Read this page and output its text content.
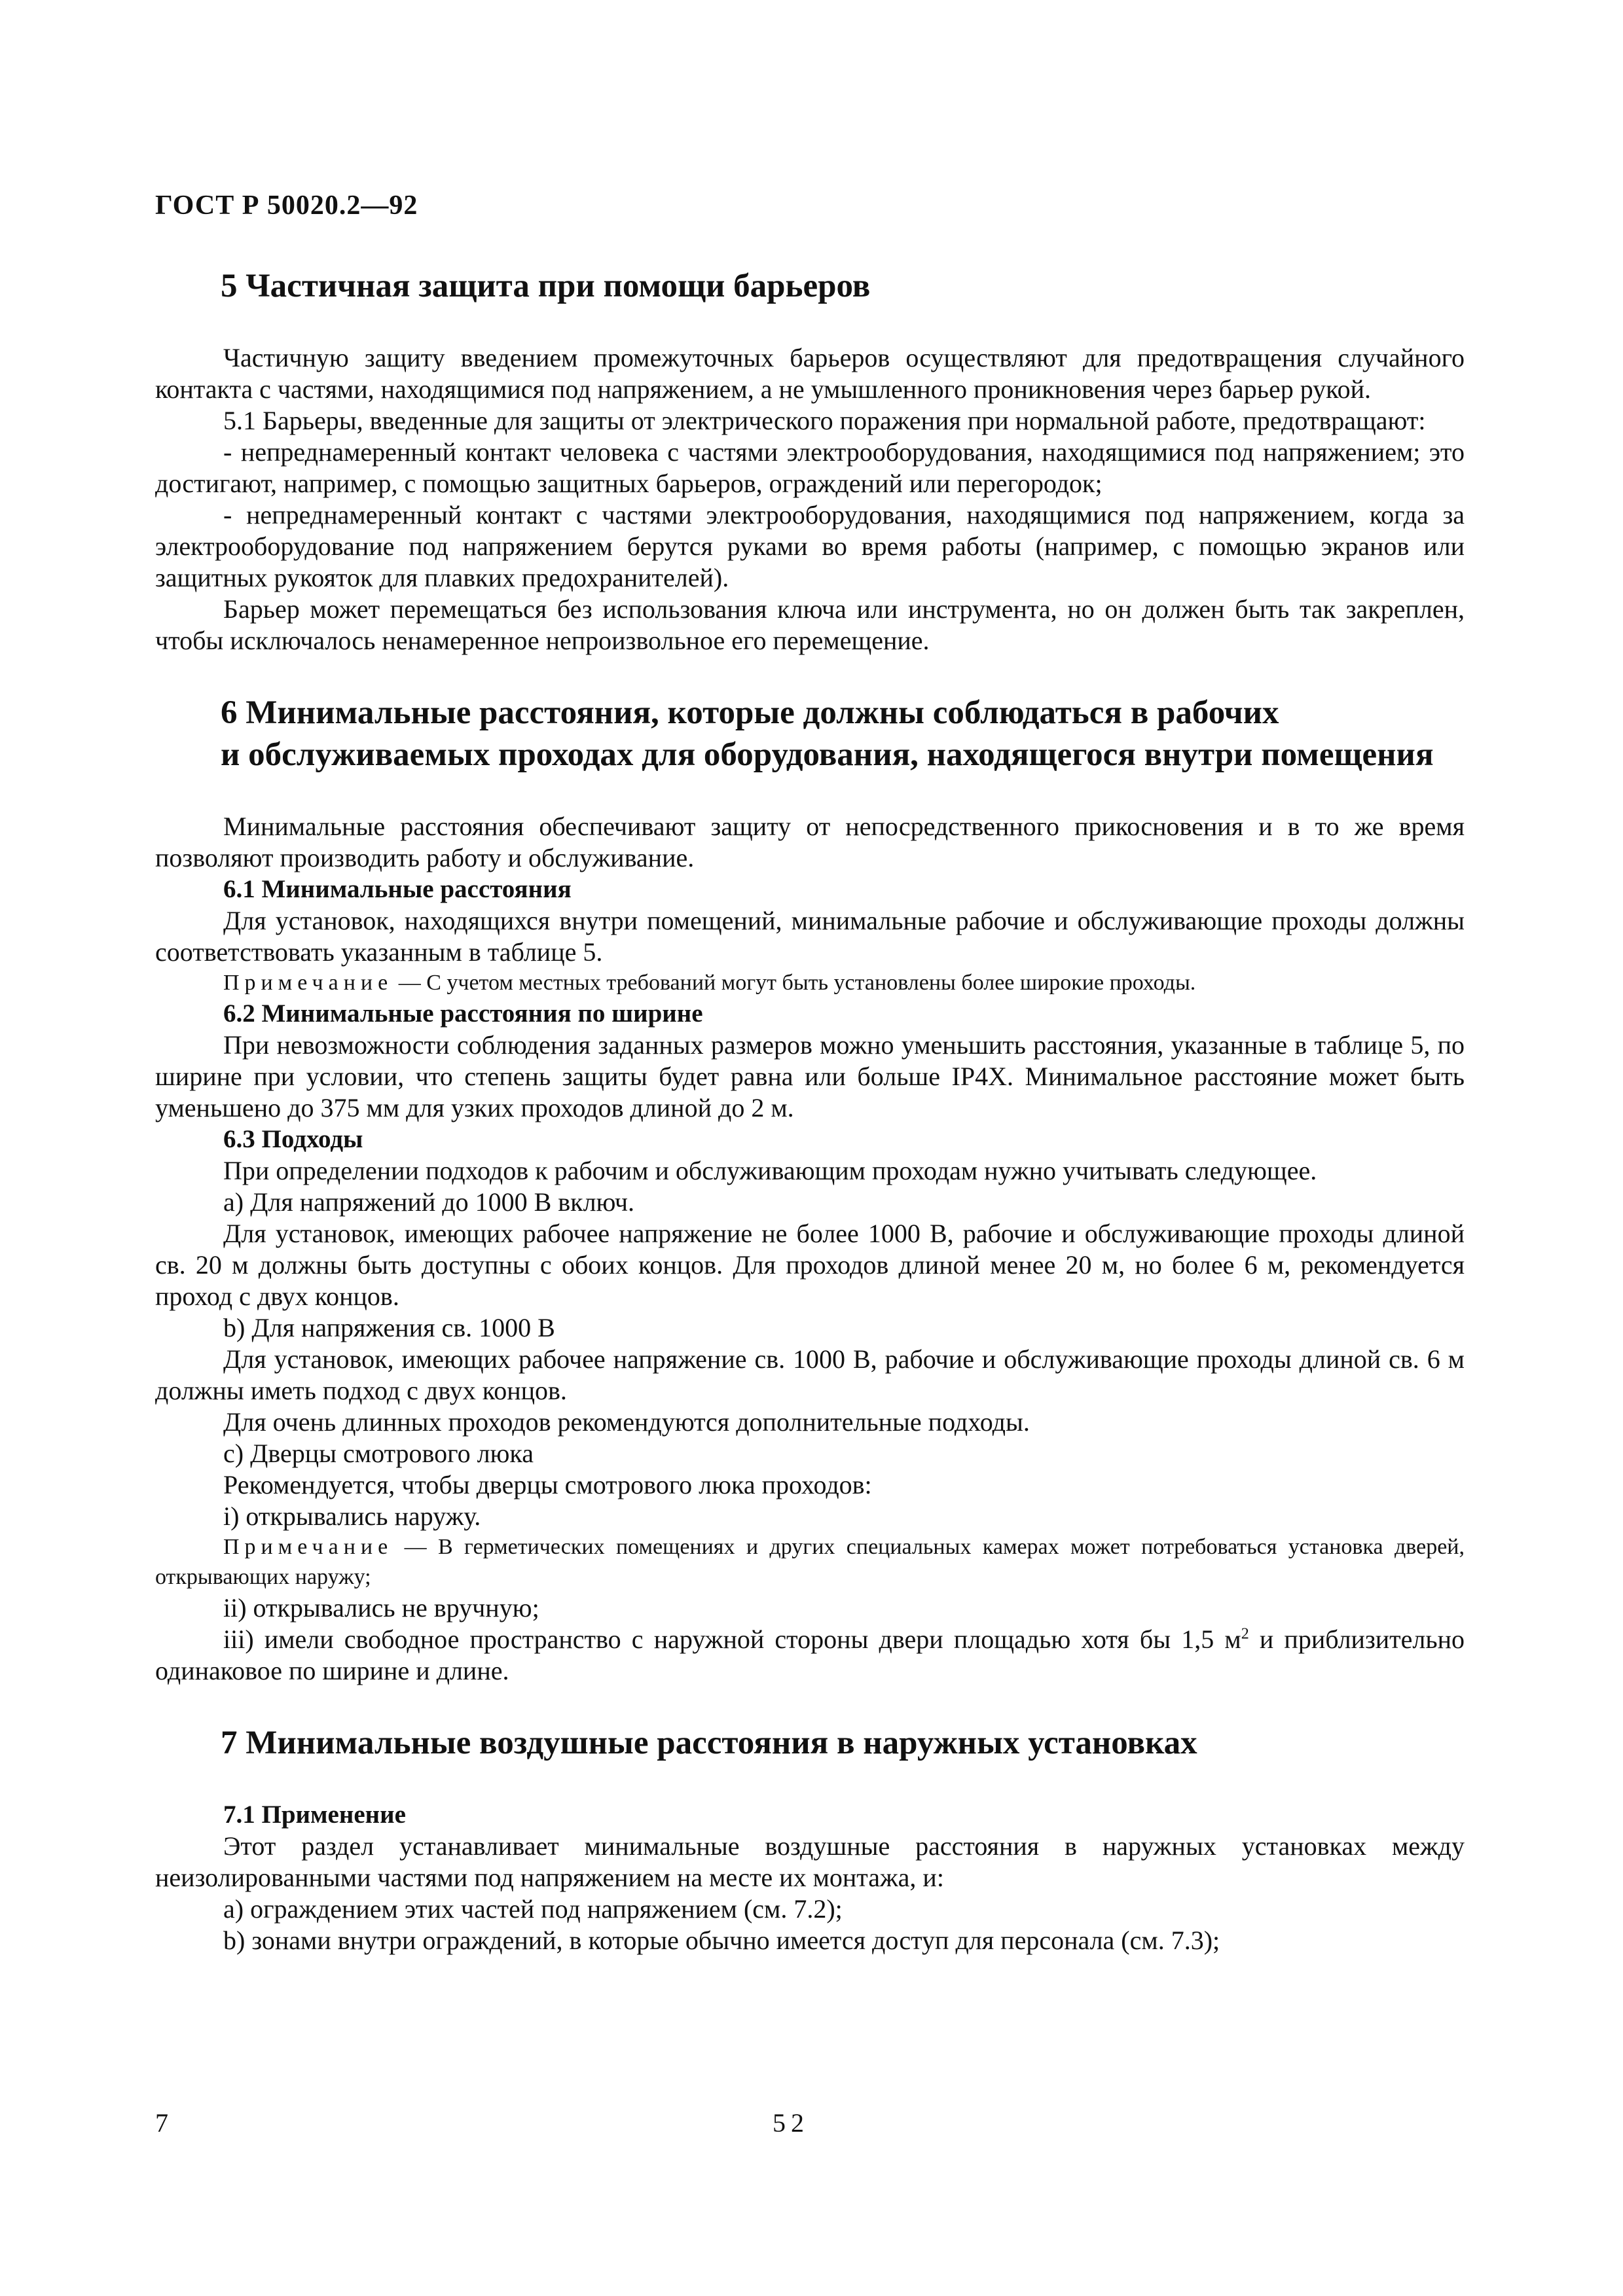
ГОСТ Р 50020.2—92
5 Частичная защита при помощи барьеров

Частичную защиту введением промежуточных барьеров осуществляют для предотвращения случайного контакта с частями, находящимися под напряжением, а не умышленного проникновения через барьер рукой.

5.1 Барьеры, введенные для защиты от электрического поражения при нормальной работе, предотвращают:

- непреднамеренный контакт человека с частями электрооборудования, находящимися под напряжением; это достигают, например, с помощью защитных барьеров, ограждений или перегородок;

- непреднамеренный контакт с частями электрооборудования, находящимися под напряжением, когда за электрооборудование под напряжением берутся руками во время работы (например, с помощью экранов или защитных рукояток для плавких предохранителей).

Барьер может перемещаться без использования ключа или инструмента, но он должен быть так закреплен, чтобы исключалось ненамеренное непроизвольное его перемещение.

6 Минимальные расстояния, которые должны соблюдаться в рабочих
и обслуживаемых проходах для оборудования, находящегося внутри помещения

Минимальные расстояния обеспечивают защиту от непосредственного прикосновения и в то же время позволяют производить работу и обслуживание.

6.1 Минимальные расстояния

Для установок, находящихся внутри помещений, минимальные рабочие и обслуживающие проходы должны соответствовать указанным в таблице 5.

Примечание — С учетом местных требований могут быть установлены более широкие проходы.

6.2 Минимальные расстояния по ширине

При невозможности соблюдения заданных размеров можно уменьшить расстояния, указанные в таблице 5, по ширине при условии, что степень защиты будет равна или больше IP4X. Минимальное расстояние может быть уменьшено до 375 мм для узких проходов длиной до 2 м.

6.3 Подходы

При определении подходов к рабочим и обслуживающим проходам нужно учитывать следующее.

a) Для напряжений до 1000 В включ.

Для установок, имеющих рабочее напряжение не более 1000 В, рабочие и обслуживающие проходы длиной св. 20 м должны быть доступны с обоих концов. Для проходов длиной менее 20 м, но более 6 м, рекомендуется проход с двух концов.

b) Для напряжения св. 1000 В

Для установок, имеющих рабочее напряжение св. 1000 В, рабочие и обслуживающие проходы длиной св. 6 м должны иметь подход с двух концов.

Для очень длинных проходов рекомендуются дополнительные подходы.

c) Дверцы смотрового люка

Рекомендуется, чтобы дверцы смотрового люка проходов:

i) открывались наружу.

Примечание — В герметических помещениях и других специальных камерах может потребоваться установка дверей, открывающих наружу;

ii) открывались не вручную;

iii) имели свободное пространство с наружной стороны двери площадью хотя бы 1,5 $м^2$ и приблизительно одинаковое по ширине и длине.

7 Минимальные воздушные расстояния в наружных установках

7.1 Применение

Этот раздел устанавливает минимальные воздушные расстояния в наружных установках между неизолированными частями под напряжением на месте их монтажа, и:

a) ограждением этих частей под напряжением (см. 7.2);

b) зонами внутри ограждений, в которые обычно имеется доступ для персонала (см. 7.3);

7	52
